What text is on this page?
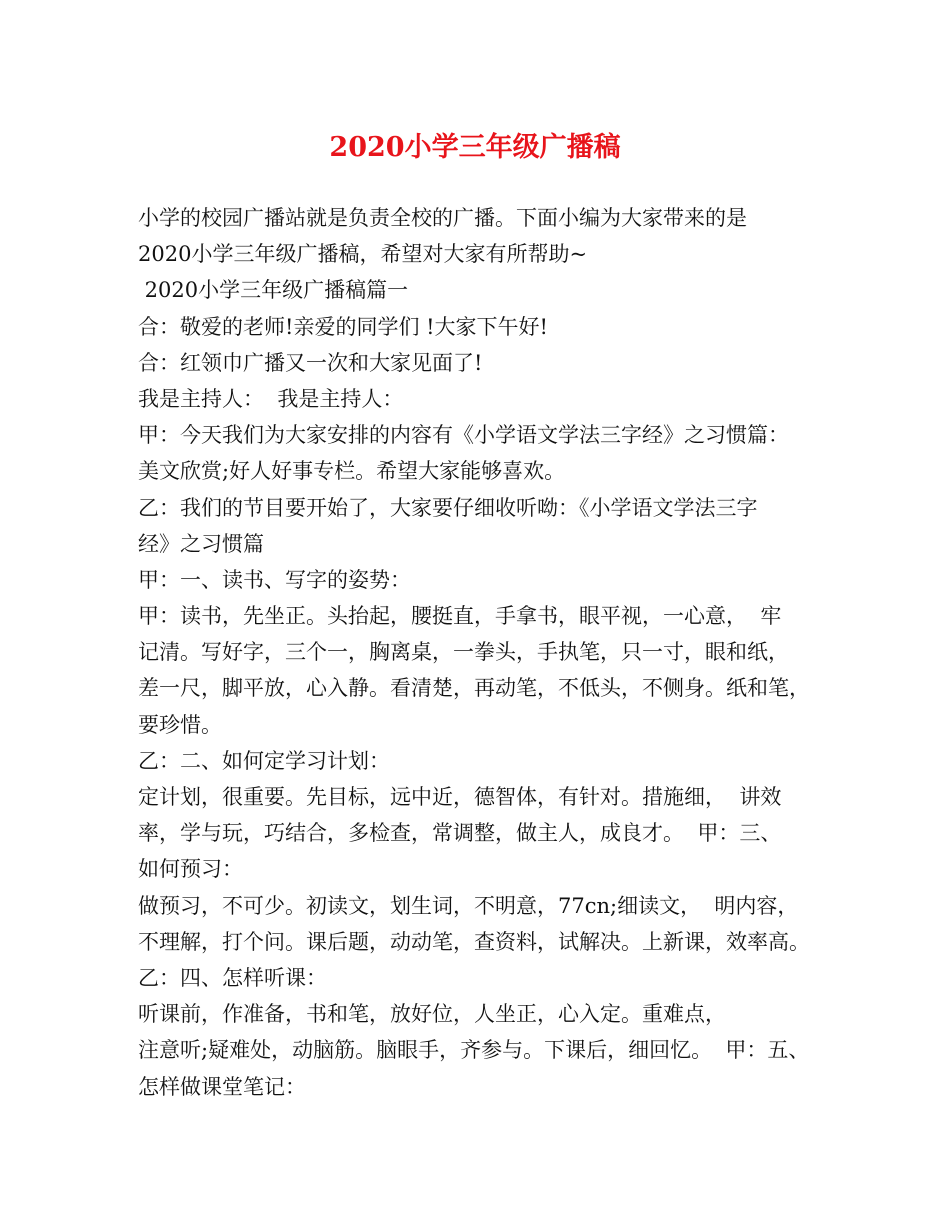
2020小学三年级广播稿
小学的校园广播站就是负责全校的广播。下面小编为大家带来的是
2020小学三年级广播稿，希望对大家有所帮助~
2020小学三年级广播稿篇一
合：敬爱的老师!亲爱的同学们 !大家下午好!
合：红领巾广播又一次和大家见面了!
我是主持人：  我是主持人：
甲：今天我们为大家安排的内容有《小学语文学法三字经》之习惯篇：
美文欣赏;好人好事专栏。希望大家能够喜欢。
乙：我们的节目要开始了，大家要仔细收听呦：《小学语文学法三字
经》之习惯篇
甲：一、读书、写字的姿势：
甲：读书，先坐正。头抬起，腰挺直，手拿书，眼平视，一心意，  牢
记清。写好字，三个一，胸离桌，一拳头，手执笔，只一寸，眼和纸，
差一尺，脚平放，心入静。看清楚，再动笔，不低头，不侧身。纸和笔，
要珍惜。
乙：二、如何定学习计划：
定计划，很重要。先目标，远中近，德智体，有针对。措施细，  讲效
率，学与玩，巧结合，多检查，常调整，做主人，成良才。  甲：三、
如何预习：
做预习，不可少。初读文，划生词，不明意，77cn;细读文，  明内容，
不理解，打个问。课后题，动动笔，查资料，试解决。上新课，效率高。
乙：四、怎样听课：
听课前，作准备，书和笔，放好位，人坐正，心入定。重难点，
注意听;疑难处，动脑筋。脑眼手，齐参与。下课后，细回忆。  甲：五、
怎样做课堂笔记：
